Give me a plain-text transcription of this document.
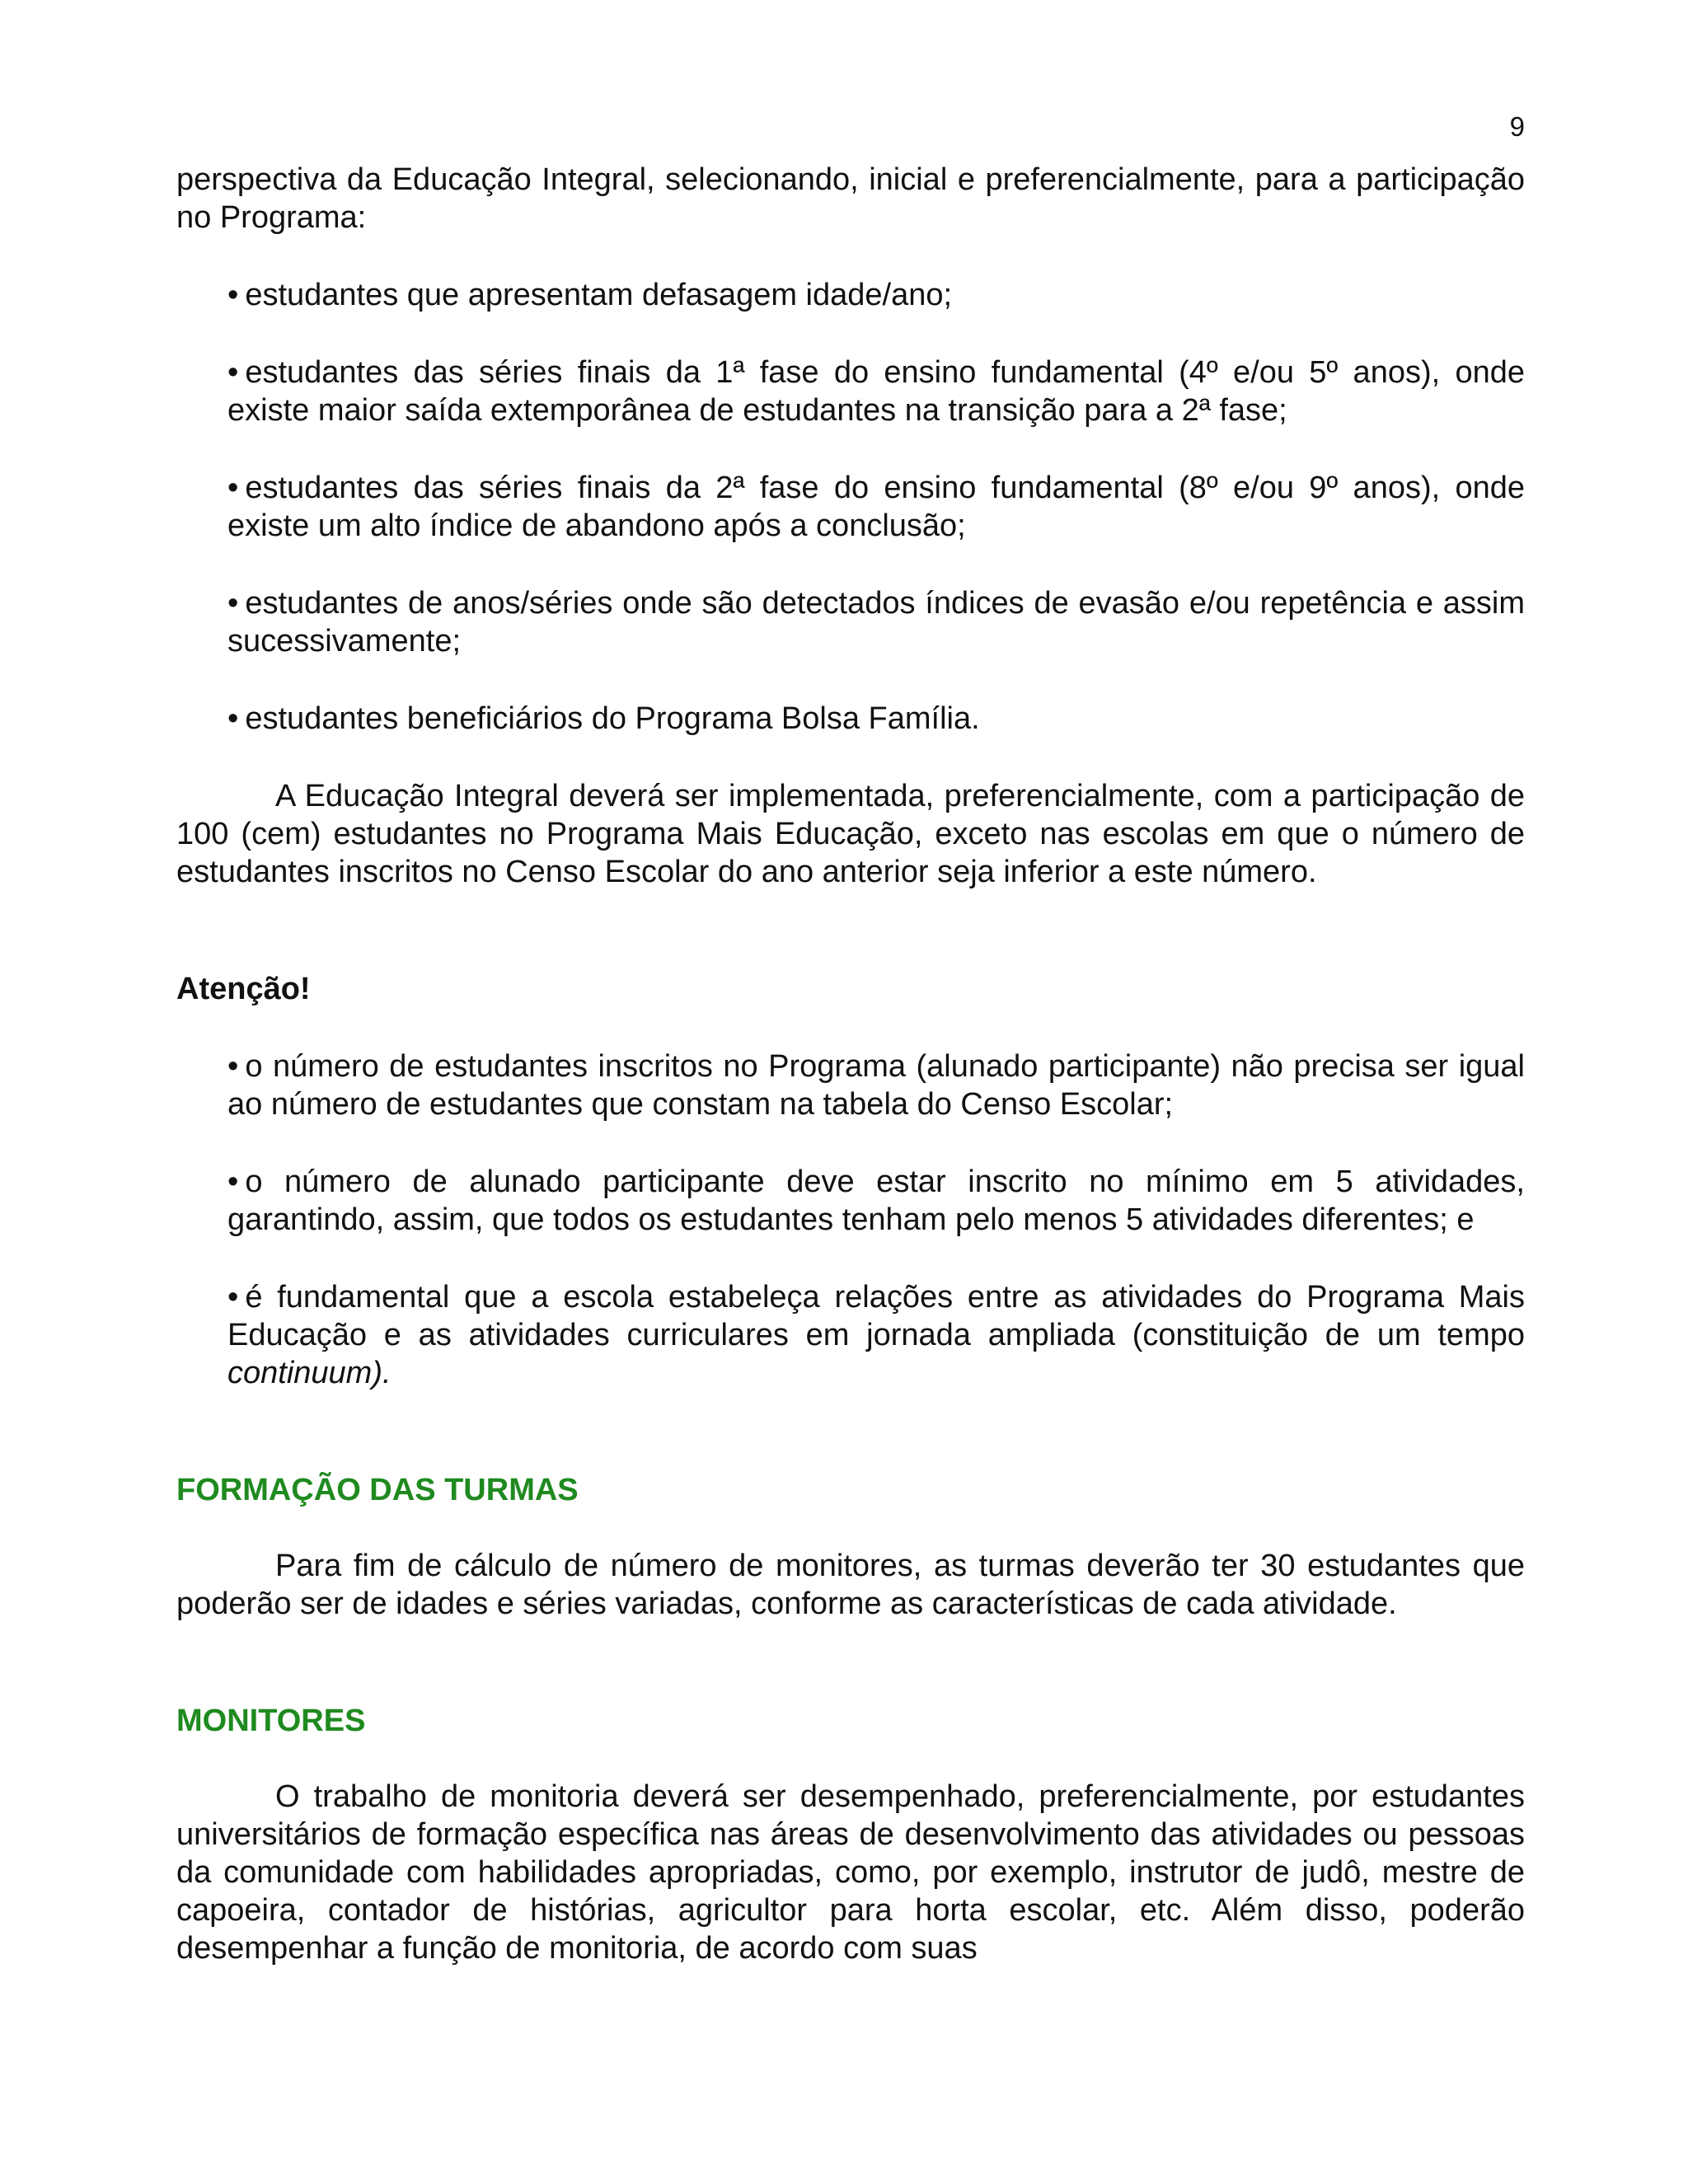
9

perspectiva da Educação Integral, selecionando, inicial e preferencialmente, para a participação no Programa:

• estudantes que apresentam defasagem idade/ano;

• estudantes das séries finais da 1ª fase do ensino fundamental (4º e/ou 5º anos), onde existe maior saída extemporânea de estudantes na transição para a 2ª fase;

• estudantes das séries finais da 2ª fase do ensino fundamental (8º e/ou 9º anos), onde existe um alto índice de abandono após a conclusão;

• estudantes de anos/séries onde são detectados índices de evasão e/ou repetência e assim sucessivamente;

• estudantes beneficiários do Programa Bolsa Família.

A Educação Integral deverá ser implementada, preferencialmente, com a participação de 100 (cem) estudantes no Programa Mais Educação, exceto nas escolas em que o número de estudantes inscritos no Censo Escolar do ano anterior seja inferior a este número.

Atenção!

• o número de estudantes inscritos no Programa (alunado participante) não precisa ser igual ao número de estudantes que constam na tabela do Censo Escolar;

• o número de alunado participante deve estar inscrito no mínimo em 5 atividades, garantindo, assim, que todos os estudantes tenham pelo menos 5 atividades diferentes; e

• é fundamental que a escola estabeleça relações entre as atividades do Programa Mais Educação e as atividades curriculares em jornada ampliada (constituição de um tempo continuum).

FORMAÇÃO DAS TURMAS

Para fim de cálculo de número de monitores, as turmas deverão ter 30 estudantes que poderão ser de idades e séries variadas, conforme as características de cada atividade.

MONITORES

O trabalho de monitoria deverá ser desempenhado, preferencialmente, por estudantes universitários de formação específica nas áreas de desenvolvimento das atividades ou pessoas da comunidade com habilidades apropriadas, como, por exemplo, instrutor de judô, mestre de capoeira, contador de histórias, agricultor para horta escolar, etc. Além disso, poderão desempenhar a função de monitoria, de acordo com suas
